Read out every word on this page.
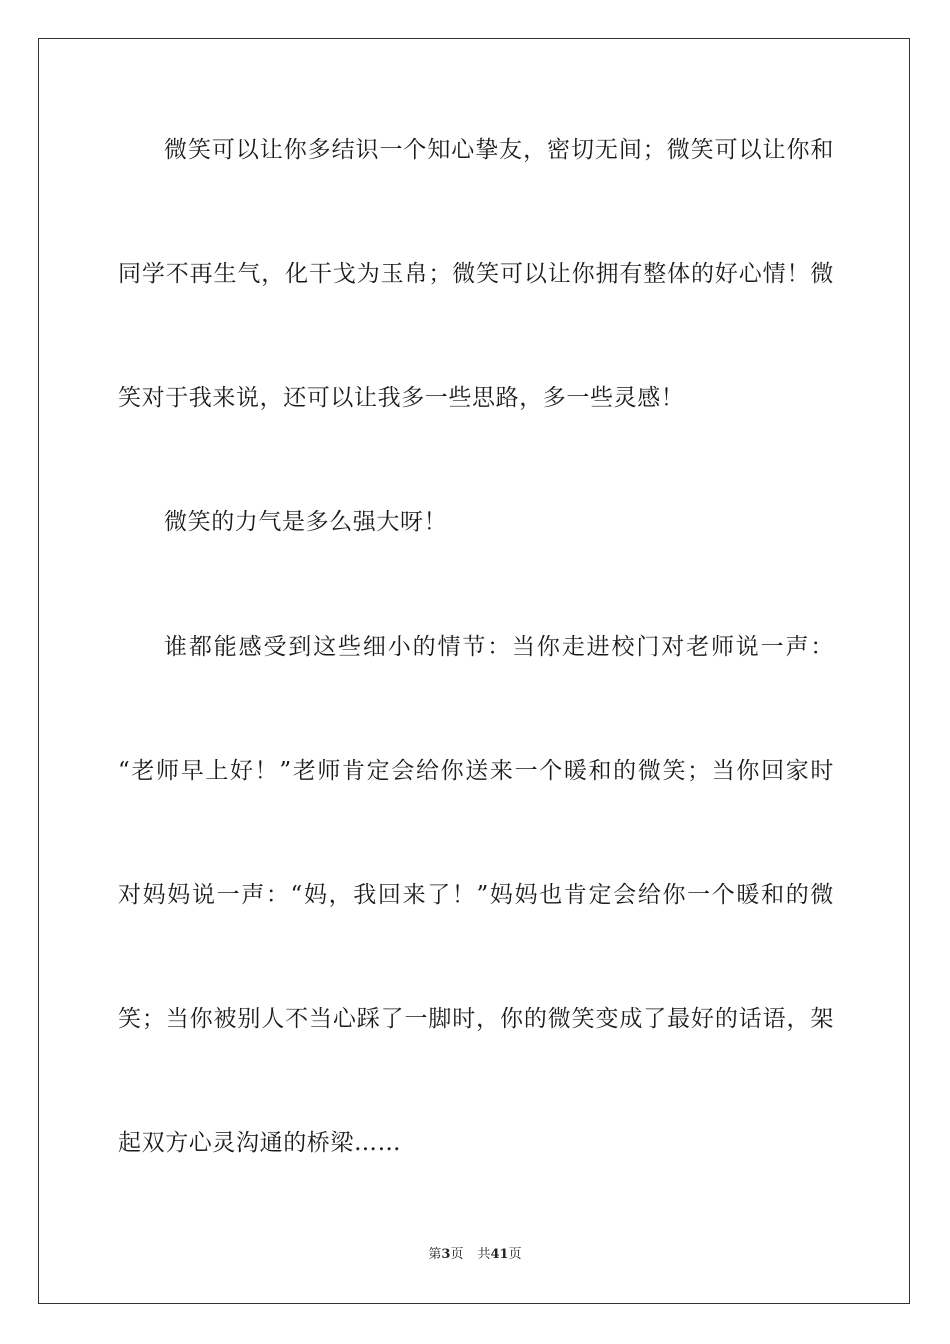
微笑可以让你多结识一个知心挚友，密切无间；微笑可以让你和
同学不再生气，化干戈为玉帛；微笑可以让你拥有整体的好心情！微
笑对于我来说，还可以让我多一些思路，多一些灵感！
微笑的力气是多么强大呀！
谁都能感受到这些细小的情节：当你走进校门对老师说一声：
“老师早上好！”老师肯定会给你送来一个暖和的微笑；当你回家时
对妈妈说一声：“妈，我回来了！”妈妈也肯定会给你一个暖和的微
笑；当你被别人不当心踩了一脚时，你的微笑变成了最好的话语，架
起双方心灵沟通的桥梁……
第3页 共41页
